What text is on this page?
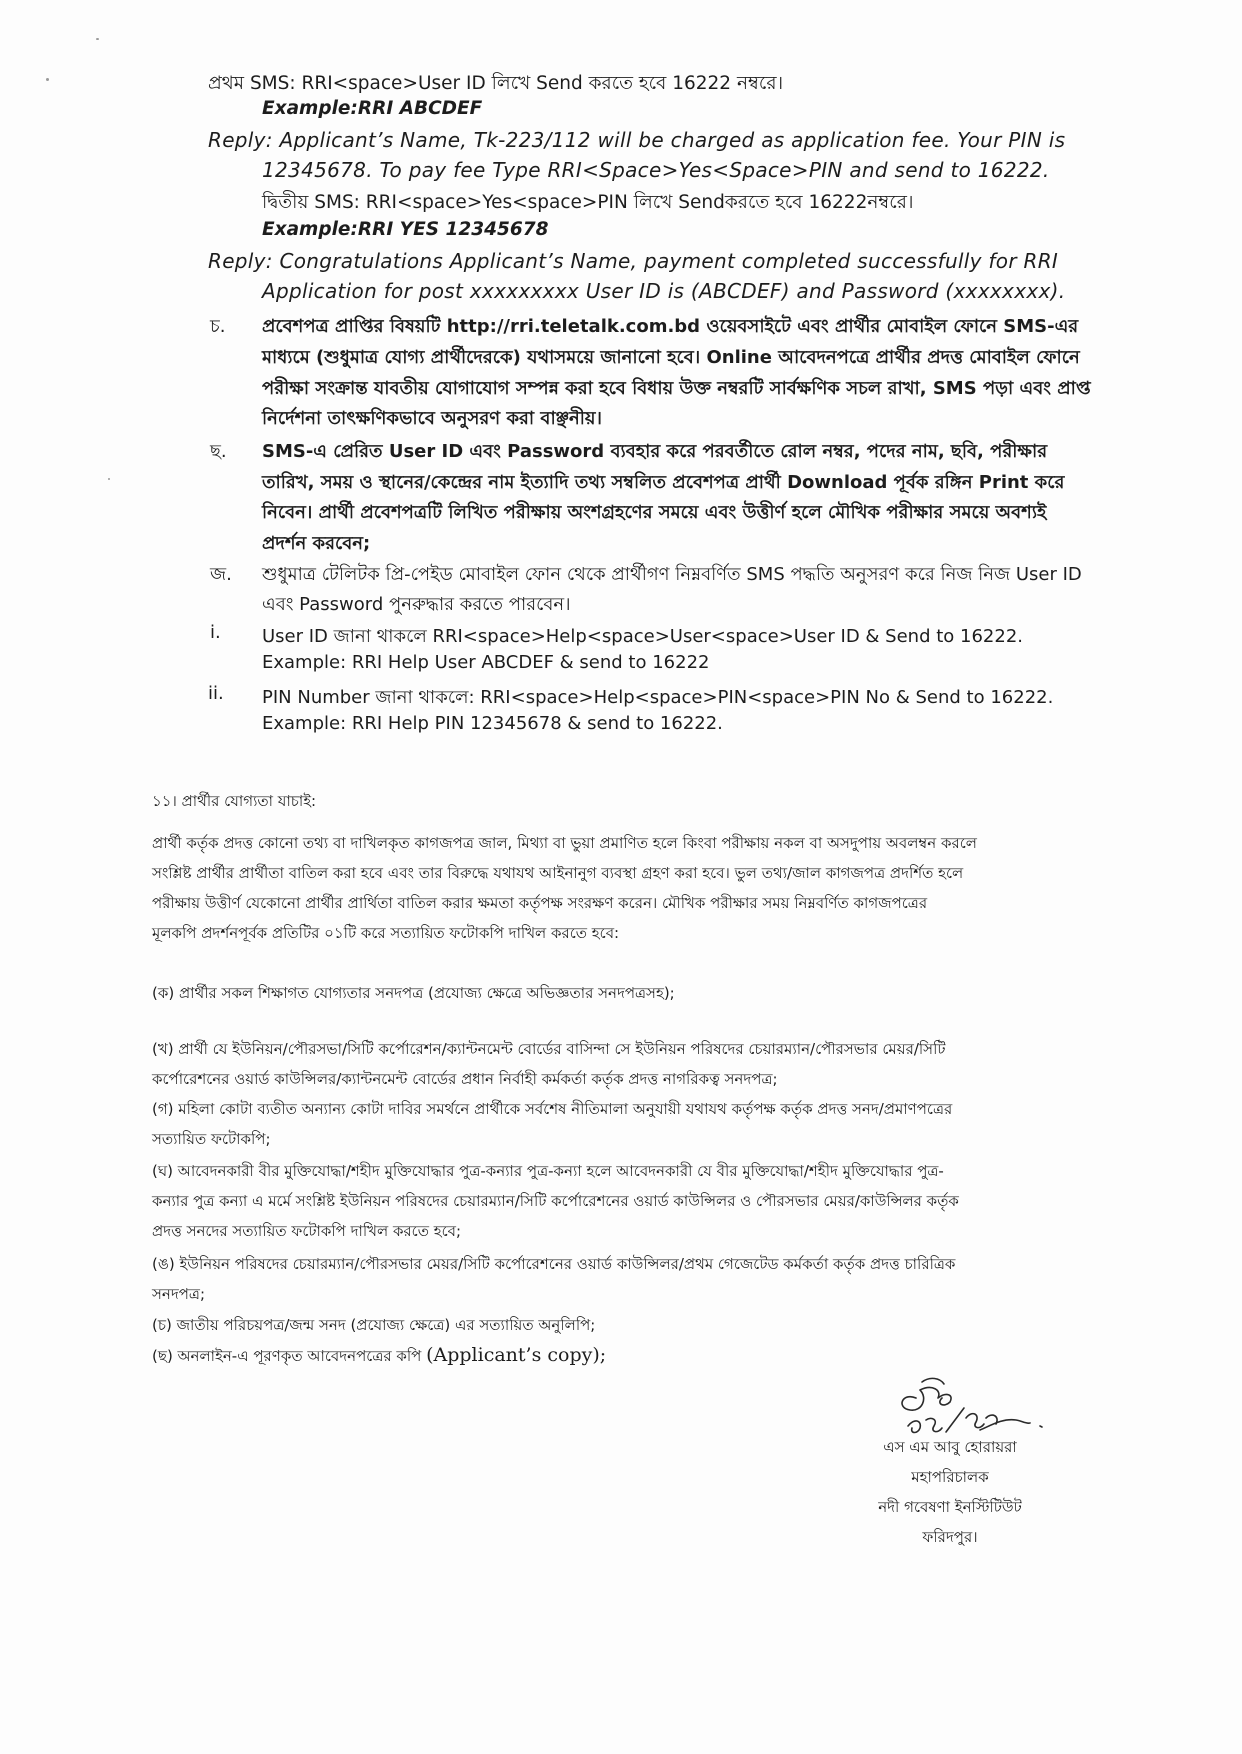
প্রথম SMS: RRI<space>User ID লিখে Send করতে হবে 16222 নম্বরে।
Example:RRI ABCDEF
Reply: Applicant’s Name, Tk-223/112 will be charged as application fee. Your PIN is
12345678. To pay fee Type RRI<Space>Yes<Space>PIN and send to 16222.
দ্বিতীয় SMS: RRI<space>Yes<space>PIN লিখে Sendকরতে হবে 16222নম্বরে।
Example:RRI YES 12345678
Reply: Congratulations Applicant’s Name, payment completed successfully for RRI
Application for post xxxxxxxxx User ID is (ABCDEF) and Password (xxxxxxxx).
চ. প্রবেশপত্র প্রাপ্তির বিষয়টি http://rri.teletalk.com.bd ওয়েবসাইটে এবং প্রার্থীর মোবাইল ফোনে SMS-এর
মাধ্যমে (শুধুমাত্র যোগ্য প্রার্থীদেরকে) যথাসময়ে জানানো হবে। Online আবেদনপত্রে প্রার্থীর প্রদত্ত মোবাইল ফোনে
পরীক্ষা সংক্রান্ত যাবতীয় যোগাযোগ সম্পন্ন করা হবে বিধায় উক্ত নম্বরটি সার্বক্ষণিক সচল রাখা, SMS পড়া এবং প্রাপ্ত
নির্দেশনা তাৎক্ষণিকভাবে অনুসরণ করা বাঞ্ছনীয়।
ছ. SMS-এ প্রেরিত User ID এবং Password ব্যবহার করে পরবর্তীতে রোল নম্বর, পদের নাম, ছবি, পরীক্ষার
তারিখ, সময় ও স্থানের/কেন্দ্রের নাম ইত্যাদি তথ্য সম্বলিত প্রবেশপত্র প্রার্থী Download পূর্বক রঙ্গিন Print করে
নিবেন। প্রার্থী প্রবেশপত্রটি লিখিত পরীক্ষায় অংশগ্রহণের সময়ে এবং উত্তীর্ণ হলে মৌখিক পরীক্ষার সময়ে অবশ্যই
প্রদর্শন করবেন;
জ. শুধুমাত্র টেলিটক প্রি-পেইড মোবাইল ফোন থেকে প্রার্থীগণ নিম্নবর্ণিত SMS পদ্ধতি অনুসরণ করে নিজ নিজ User ID
এবং Password পুনরুদ্ধার করতে পারবেন।
i. User ID জানা থাকলে RRI<space>Help<space>User<space>User ID & Send to 16222.
Example: RRI Help User ABCDEF & send to 16222
ii. PIN Number জানা থাকলে: RRI<space>Help<space>PIN<space>PIN No & Send to 16222.
Example: RRI Help PIN 12345678 & send to 16222.
১১। প্রার্থীর যোগ্যতা যাচাই:
প্রার্থী কর্তৃক প্রদত্ত কোনো তথ্য বা দাখিলকৃত কাগজপত্র জাল, মিথ্যা বা ভুয়া প্রমাণিত হলে কিংবা পরীক্ষায় নকল বা অসদুপায় অবলম্বন করলে
সংশ্লিষ্ট প্রার্থীর প্রার্থীতা বাতিল করা হবে এবং তার বিরুদ্ধে যথাযথ আইনানুগ ব্যবস্থা গ্রহণ করা হবে। ভুল তথ্য/জাল কাগজপত্র প্রদর্শিত হলে
পরীক্ষায় উত্তীর্ণ যেকোনো প্রার্থীর প্রার্থিতা বাতিল করার ক্ষমতা কর্তৃপক্ষ সংরক্ষণ করেন। মৌখিক পরীক্ষার সময় নিম্নবর্ণিত কাগজপত্রের
মূলকপি প্রদর্শনপূর্বক প্রতিটির ০১টি করে সত্যায়িত ফটোকপি দাখিল করতে হবে:
(ক) প্রার্থীর সকল শিক্ষাগত যোগ্যতার সনদপত্র (প্রযোজ্য ক্ষেত্রে অভিজ্ঞতার সনদপত্রসহ);
(খ) প্রার্থী যে ইউনিয়ন/পৌরসভা/সিটি কর্পোরেশন/ক্যান্টনমেন্ট বোর্ডের বাসিন্দা সে ইউনিয়ন পরিষদের চেয়ারম্যান/পৌরসভার মেয়র/সিটি
কর্পোরেশনের ওয়ার্ড কাউন্সিলর/ক্যান্টনমেন্ট বোর্ডের প্রধান নির্বাহী কর্মকর্তা কর্তৃক প্রদত্ত নাগরিকত্ব সনদপত্র;
(গ) মহিলা কোটা ব্যতীত অন্যান্য কোটা দাবির সমর্থনে প্রার্থীকে সর্বশেষ নীতিমালা অনুযায়ী যথাযথ কর্তৃপক্ষ কর্তৃক প্রদত্ত সনদ/প্রমাণপত্রের
সত্যায়িত ফটোকপি;
(ঘ) আবেদনকারী বীর মুক্তিযোদ্ধা/শহীদ মুক্তিযোদ্ধার পুত্র-কন্যার পুত্র-কন্যা হলে আবেদনকারী যে বীর মুক্তিযোদ্ধা/শহীদ মুক্তিযোদ্ধার পুত্র-
কন্যার পুত্র কন্যা এ মর্মে সংশ্লিষ্ট ইউনিয়ন পরিষদের চেয়ারম্যান/সিটি কর্পোরেশনের ওয়ার্ড কাউন্সিলর ও পৌরসভার মেয়র/কাউন্সিলর কর্তৃক
প্রদত্ত সনদের সত্যায়িত ফটোকপি দাখিল করতে হবে;
(ঙ) ইউনিয়ন পরিষদের চেয়ারম্যান/পৌরসভার মেয়র/সিটি কর্পোরেশনের ওয়ার্ড কাউন্সিলর/প্রথম গেজেটেড কর্মকর্তা কর্তৃক প্রদত্ত চারিত্রিক
সনদপত্র;
(চ) জাতীয় পরিচয়পত্র/জন্ম সনদ (প্রযোজ্য ক্ষেত্রে) এর সত্যায়িত অনুলিপি;
(ছ) অনলাইন-এ পূরণকৃত আবেদনপত্রের কপি (Applicant’s copy);
এস এম আবু হোরায়রা
মহাপরিচালক
নদী গবেষণা ইনস্টিটিউট
ফরিদপুর।
